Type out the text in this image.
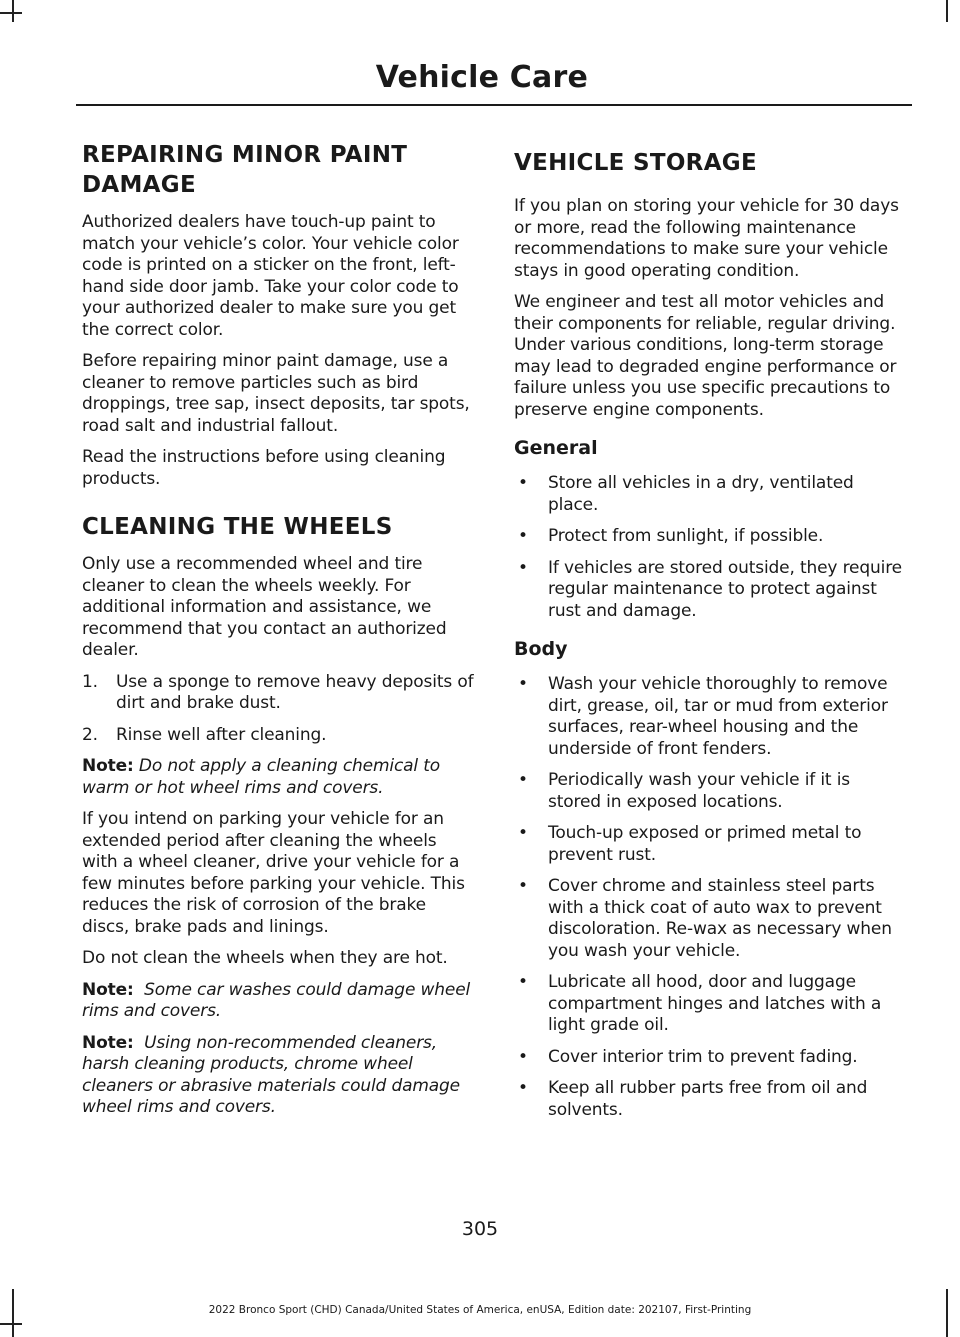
Vehicle Care
REPAIRING MINOR PAINT DAMAGE

Authorized dealers have touch-up paint to match your vehicle’s color. Your vehicle color code is printed on a sticker on the front, left-hand side door jamb. Take your color code to your authorized dealer to make sure you get the correct color.

Before repairing minor paint damage, use a cleaner to remove particles such as bird droppings, tree sap, insect deposits, tar spots, road salt and industrial fallout.

Read the instructions before using cleaning products.

CLEANING THE WHEELS

Only use a recommended wheel and tire cleaner to clean the wheels weekly. For additional information and assistance, we recommend that you contact an authorized dealer.

1. Use a sponge to remove heavy deposits of dirt and brake dust.
2. Rinse well after cleaning.

Note: Do not apply a cleaning chemical to warm or hot wheel rims and covers.

If you intend on parking your vehicle for an extended period after cleaning the wheels with a wheel cleaner, drive your vehicle for a few minutes before parking your vehicle. This reduces the risk of corrosion of the brake discs, brake pads and linings.

Do not clean the wheels when they are hot.

Note: Some car washes could damage wheel rims and covers.

Note: Using non-recommended cleaners, harsh cleaning products, chrome wheel cleaners or abrasive materials could damage wheel rims and covers.

VEHICLE STORAGE

If you plan on storing your vehicle for 30 days or more, read the following maintenance recommendations to make sure your vehicle stays in good operating condition.

We engineer and test all motor vehicles and their components for reliable, regular driving. Under various conditions, long-term storage may lead to degraded engine performance or failure unless you use specific precautions to preserve engine components.

General
• Store all vehicles in a dry, ventilated place.
• Protect from sunlight, if possible.
• If vehicles are stored outside, they require regular maintenance to protect against rust and damage.
Body
• Wash your vehicle thoroughly to remove dirt, grease, oil, tar or mud from exterior surfaces, rear-wheel housing and the underside of front fenders.
• Periodically wash your vehicle if it is stored in exposed locations.
• Touch-up exposed or primed metal to prevent rust.
• Cover chrome and stainless steel parts with a thick coat of auto wax to prevent discoloration. Re-wax as necessary when you wash your vehicle.
• Lubricate all hood, door and luggage compartment hinges and latches with a light grade oil.
• Cover interior trim to prevent fading.
• Keep all rubber parts free from oil and solvents.
305
2022 Bronco Sport (CHD) Canada/United States of America, enUSA, Edition date: 202107, First-Printing
